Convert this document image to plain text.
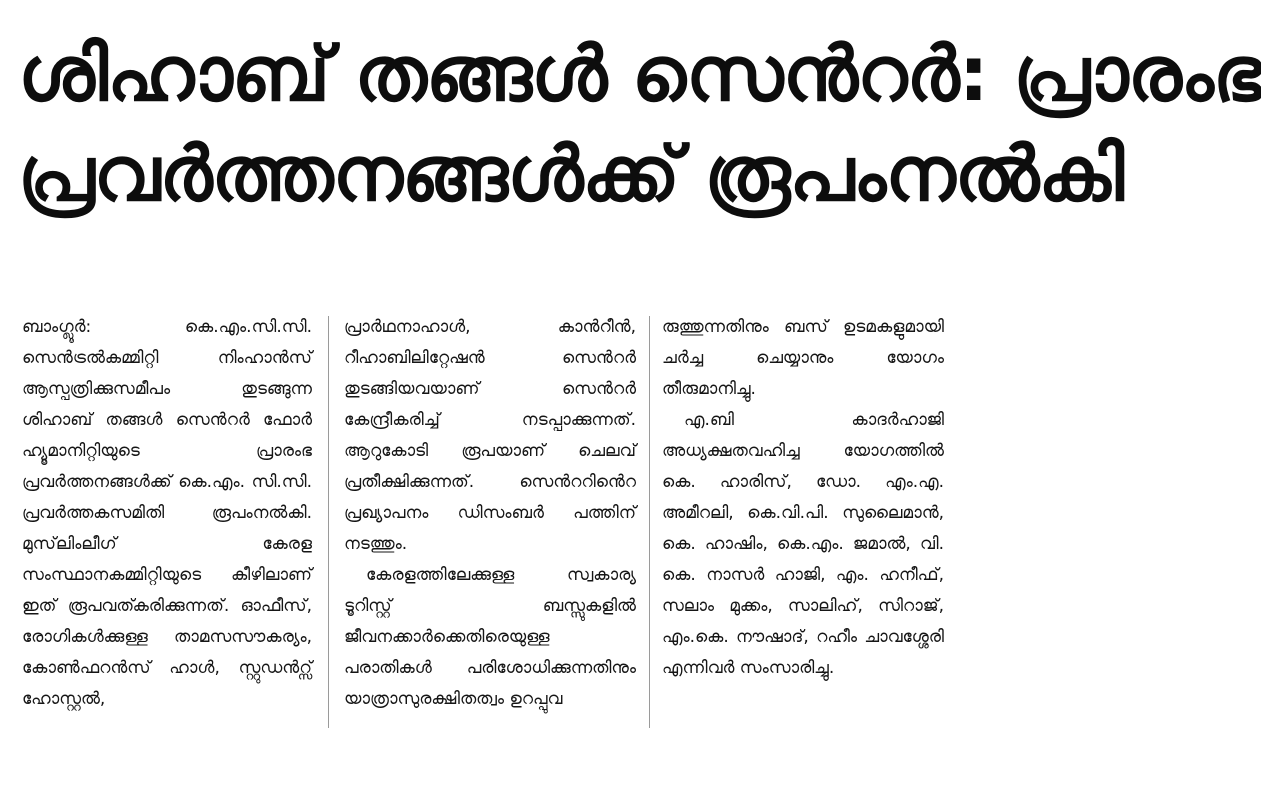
ശിഹാബ് തങ്ങൾ സെൻറർ: പ്രാരംഭ
പ്രവർത്തനങ്ങൾക്ക് രൂപംനൽകി

ബാംഗ്ലൂർ: കെ.എം.സി.സി. സെൻട്രൽകമ്മിറ്റി നിംഹാൻസ് ആസ്പത്രിക്കുസമീപം തുടങ്ങുന്ന ശിഹാബ് തങ്ങൾ സെൻറർ ഫോർ ഹ്യൂമാനിറ്റിയുടെ പ്രാരംഭ പ്രവർത്തനങ്ങൾക്ക് കെ.എം. സി.സി. പ്രവർത്തകസമിതി രൂപംനൽകി. മുസ്‌ലിംലീഗ് കേരള സംസ്ഥാനകമ്മിറ്റിയുടെ കീഴിലാണ് ഇത് രൂപവത്കരിക്കുന്നത്. ഓഫീസ്, രോഗികൾക്കുള്ള താമസസൗകര്യം, കോൺഫറൻസ് ഹാൾ, സ്റ്റുഡൻറ്സ് ഹോസ്റ്റൽ,

പ്രാർഥനാഹാൾ, കാൻറീൻ, റീഹാബിലിറ്റേഷൻ സെൻറർ തുടങ്ങിയവയാണ് സെൻറർ കേന്ദ്രീകരിച്ച് നടപ്പാക്കുന്നത്. ആറുകോടി രൂപയാണ് ചെലവ് പ്രതീക്ഷിക്കുന്നത്. സെൻററിൻെറ പ്രഖ്യാപനം ഡിസംബർ പത്തിന് നടത്തും.

കേരളത്തിലേക്കുള്ള സ്വകാര്യ ടൂറിസ്റ്റ് ബസ്സുകളിൽ ജീവനക്കാർക്കെതിരെയുള്ള പരാതികൾ പരിശോധിക്കുന്നതിനും യാത്രാസുരക്ഷിതത്വം ഉറപ്പുവ

രുത്തുന്നതിനും ബസ് ഉടമകളുമായി ചർച്ച ചെയ്യാനും യോഗം തീരുമാനിച്ചു.

എ.ബി കാദർഹാജി അധ്യക്ഷതവഹിച്ച യോഗത്തിൽ കെ. ഹാരിസ്, ഡോ. എം.എ. അമീറലി, കെ.വി.പി. സുലൈമാൻ, കെ. ഹാഷിം, കെ.എം. ജമാൽ, വി. കെ. നാസർ ഹാജി, എം. ഹനീഫ്, സലാം മുക്കം, സാലിഹ്, സിറാജ്, എം.കെ. നൗഷാദ്, റഹീം ചാവശ്ശേരി എന്നിവർ സംസാരിച്ചു.
